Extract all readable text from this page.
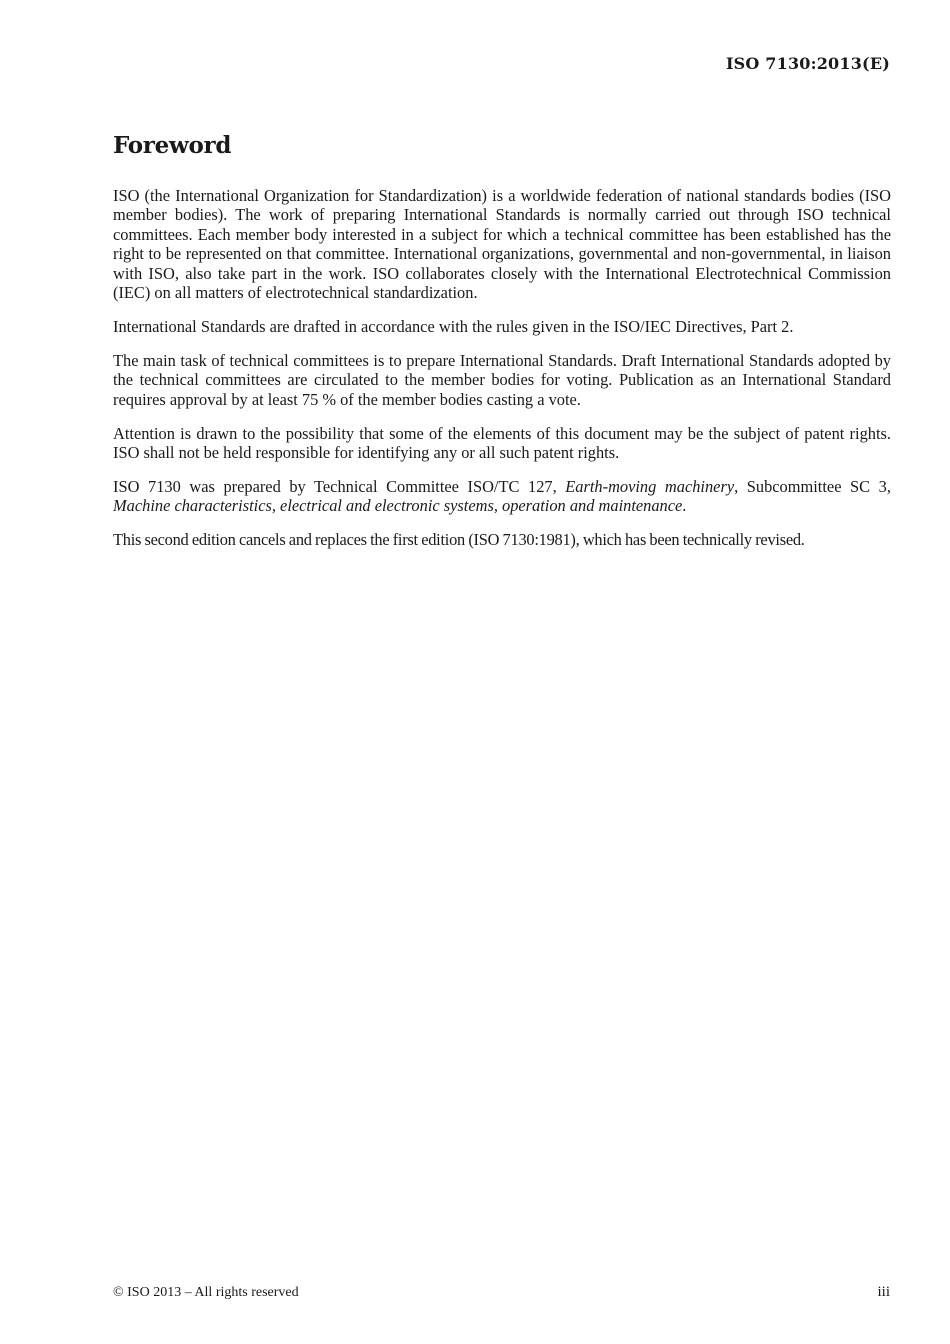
ISO 7130:2013(E)
Foreword

ISO (the International Organization for Standardization) is a worldwide federation of national standards bodies (ISO member bodies). The work of preparing International Standards is normally carried out through ISO technical committees. Each member body interested in a subject for which a technical committee has been established has the right to be represented on that committee. International organizations, governmental and non-governmental, in liaison with ISO, also take part in the work. ISO collaborates closely with the International Electrotechnical Commission (IEC) on all matters of electrotechnical standardization.

International Standards are drafted in accordance with the rules given in the ISO/IEC Directives, Part 2.

The main task of technical committees is to prepare International Standards. Draft International Standards adopted by the technical committees are circulated to the member bodies for voting. Publication as an International Standard requires approval by at least 75 % of the member bodies casting a vote.

Attention is drawn to the possibility that some of the elements of this document may be the subject of patent rights. ISO shall not be held responsible for identifying any or all such patent rights.

ISO 7130 was prepared by Technical Committee ISO/TC 127, Earth-moving machinery, Subcommittee SC 3, Machine characteristics, electrical and electronic systems, operation and maintenance.

This second edition cancels and replaces the first edition (ISO 7130:1981), which has been technically revised.

© ISO 2013 – All rights reserved	iii
